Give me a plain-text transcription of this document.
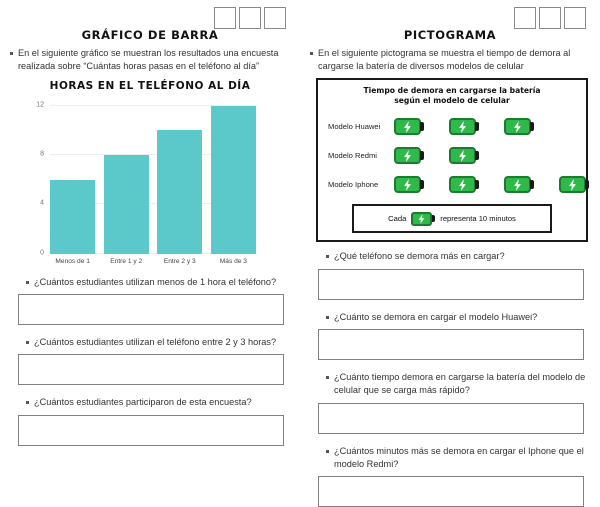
GRÁFICO DE BARRA
En el siguiente gráfico se muestran los resultados una encuesta realizada sobre “Cuántas horas pasas en el teléfono al día”
HORAS EN EL TELÉFONO AL DÍA
12
8
4
0
Menos de 1	Entre 1 y 2	Entre 2 y 3	Más de 3
¿Cuántos estudiantes utilizan menos de 1 hora el teléfono?
¿Cuántos estudiantes utilizan el teléfono entre 2 y 3 horas?
¿Cuántos estudiantes participaron de esta encuesta?
PICTOGRAMA
En el siguiente pictograma se muestra el tiempo de demora al cargarse la batería de diversos modelos de celular
Tiempo de demora en cargarse la batería
según el modelo de celular
Modelo Huawei
Modelo Redmi
Modelo Iphone
Cada	representa 10 minutos
¿Qué teléfono se demora más en cargar?
¿Cuánto se demora en cargar el modelo Huawei?
¿Cuánto tiempo demora en cargarse la batería del modelo de celular que se carga más rápido?
¿Cuántos minutos más se demora en cargar el Iphone que el modelo Redmi?
